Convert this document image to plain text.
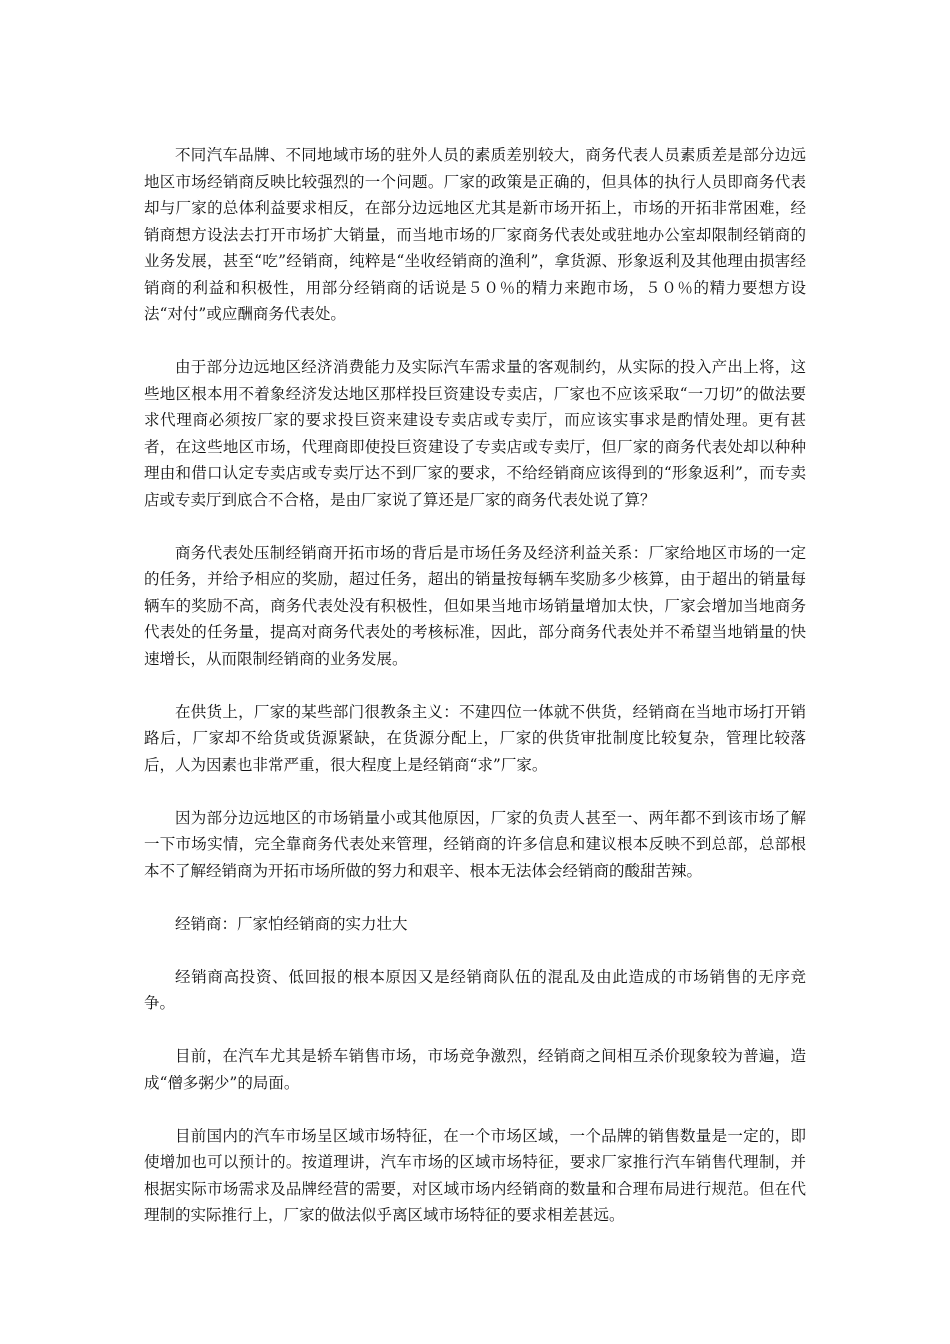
不同汽车品牌、不同地域市场的驻外人员的素质差别较大，商务代表人员素质差是部分边远地区市场经销商反映比较强烈的一个问题。厂家的政策是正确的，但具体的执行人员即商务代表却与厂家的总体利益要求相反，在部分边远地区尤其是新市场开拓上，市场的开拓非常困难，经销商想方设法去打开市场扩大销量，而当地市场的厂家商务代表处或驻地办公室却限制经销商的业务发展，甚至“吃”经销商，纯粹是“坐收经销商的渔利”，拿货源、形象返利及其他理由损害经销商的利益和积极性，用部分经销商的话说是５０％的精力来跑市场，５０％的精力要想方设法“对付”或应酬商务代表处。

由于部分边远地区经济消费能力及实际汽车需求量的客观制约，从实际的投入产出上将，这些地区根本用不着象经济发达地区那样投巨资建设专卖店，厂家也不应该采取“一刀切”的做法要求代理商必须按厂家的要求投巨资来建设专卖店或专卖厅，而应该实事求是酌情处理。更有甚者，在这些地区市场，代理商即使投巨资建设了专卖店或专卖厅，但厂家的商务代表处却以种种理由和借口认定专卖店或专卖厅达不到厂家的要求，不给经销商应该得到的“形象返利”，而专卖店或专卖厅到底合不合格，是由厂家说了算还是厂家的商务代表处说了算？

商务代表处压制经销商开拓市场的背后是市场任务及经济利益关系：厂家给地区市场的一定的任务，并给予相应的奖励，超过任务，超出的销量按每辆车奖励多少核算，由于超出的销量每辆车的奖励不高，商务代表处没有积极性，但如果当地市场销量增加太快，厂家会增加当地商务代表处的任务量，提高对商务代表处的考核标准，因此，部分商务代表处并不希望当地销量的快速增长，从而限制经销商的业务发展。

在供货上，厂家的某些部门很教条主义：不建四位一体就不供货，经销商在当地市场打开销路后，厂家却不给货或货源紧缺，在货源分配上，厂家的供货审批制度比较复杂，管理比较落后，人为因素也非常严重，很大程度上是经销商“求”厂家。

因为部分边远地区的市场销量小或其他原因，厂家的负责人甚至一、两年都不到该市场了解一下市场实情，完全靠商务代表处来管理，经销商的许多信息和建议根本反映不到总部，总部根本不了解经销商为开拓市场所做的努力和艰辛、根本无法体会经销商的酸甜苦辣。

经销商：厂家怕经销商的实力壮大

经销商高投资、低回报的根本原因又是经销商队伍的混乱及由此造成的市场销售的无序竞争。

目前，在汽车尤其是轿车销售市场，市场竞争激烈，经销商之间相互杀价现象较为普遍，造成“僧多粥少”的局面。

目前国内的汽车市场呈区域市场特征，在一个市场区域，一个品牌的销售数量是一定的，即使增加也可以预计的。按道理讲，汽车市场的区域市场特征，要求厂家推行汽车销售代理制，并根据实际市场需求及品牌经营的需要，对区域市场内经销商的数量和合理布局进行规范。但在代理制的实际推行上，厂家的做法似乎离区域市场特征的要求相差甚远。
